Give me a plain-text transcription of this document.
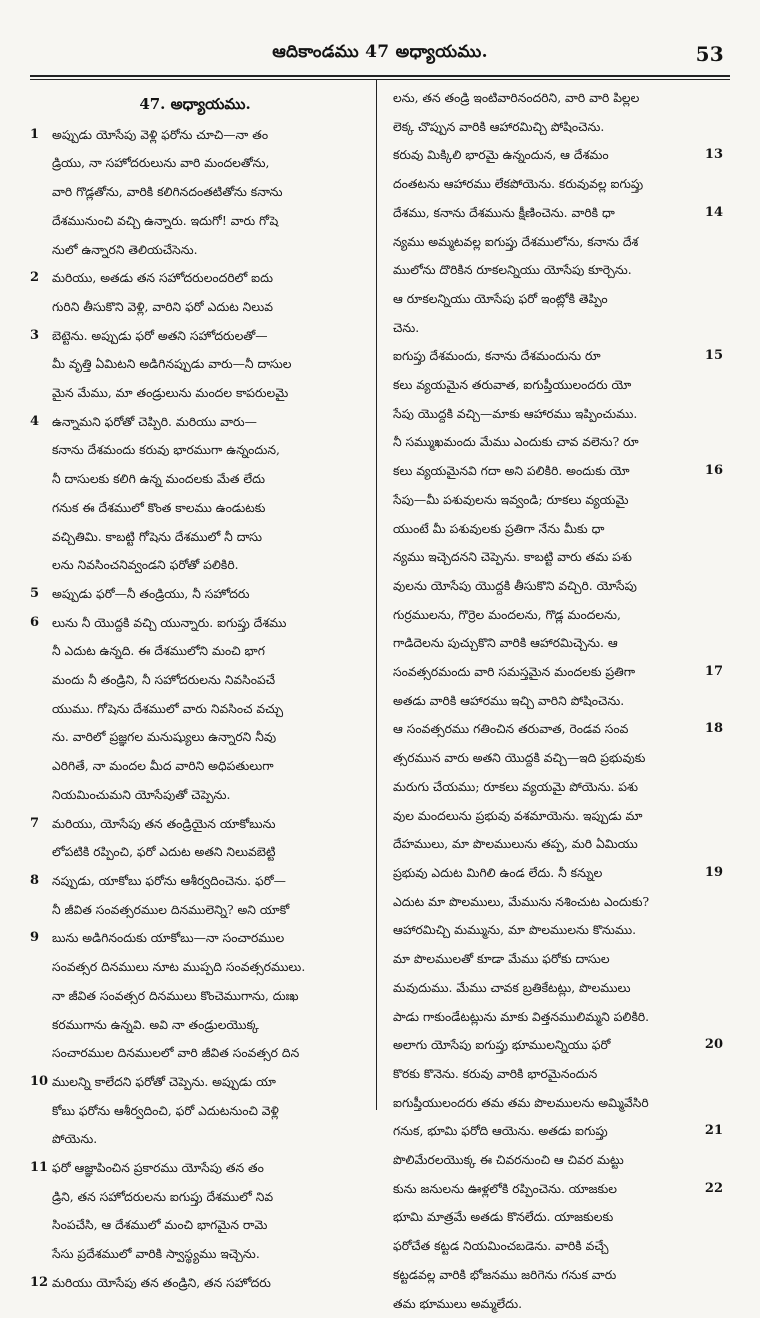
ఆదికాండము 47 అధ్యాయము.	53
47. అధ్యాయము.
1 అప్పుడు యోసేపు వెళ్లి ఫరోను చూచి—నా తం
డ్రియు, నా సహోదరులును వారి మందలతోను,
వారి గొడ్లతోను, వారికి కలిగినదంతటితోను కనాను
దేశమునుంచి వచ్చి ఉన్నారు. ఇదుగో! వారు గోషె
నులో ఉన్నారని తెలియచేసెను.
2 మరియు, అతడు తన సహోదరులందరిలో ఐదు
గురిని తీసుకొని వెళ్లి, వారిని ఫరో ఎదుట నిలువ
3 బెట్టెను. అప్పుడు ఫరో అతని సహోదరులతో—
మీ వృత్తి ఏమిటని అడిగినప్పుడు వారు—నీ దాసుల
మైన మేము, మా తండ్రులును మందల కాపరులమై
4 ఉన్నామని ఫరోతో చెప్పిరి. మరియు వారు—
కనాను దేశమందు కరువు భారముగా ఉన్నందున,
నీ దాసులకు కలిగి ఉన్న మందలకు మేత లేదు
గనుక ఈ దేశములో కొంత కాలము ఉండుటకు
వచ్చితిమి. కాబట్టి గోషెను దేశములో నీ దాసు
లను నివసించనివ్వండని ఫరోతో పలికిరి.
5 అప్పుడు ఫరో—నీ తండ్రియు, నీ సహోదరు
6 లును నీ యొద్దకి వచ్చి యున్నారు. ఐగుప్తు దేశము
నీ ఎదుట ఉన్నది. ఈ దేశములోని మంచి భాగ
మందు నీ తండ్రిని, నీ సహోదరులను నివసింపచే
యుము. గోషెను దేశములో వారు నివసించ వచ్చు
ను. వారిలో ప్రజ్ఞగల మనుష్యులు ఉన్నారని నీవు
ఎరిగితే, నా మందల మీద వారిని అధిపతులుగా
నియమించుమని యోసేపుతో చెప్పెను.
7 మరియు, యోసేపు తన తండ్రియైన యాకోబును
లోపటికి రప్పించి, ఫరో ఎదుట అతని నిలువబెట్టి
8 నప్పుడు, యాకోబు ఫరోను ఆశీర్వదించెను. ఫరో—
నీ జీవిత సంవత్సరముల దినములెన్ని? అని యాకో
9 బును అడిగినందుకు యాకోబు—నా సంచారముల
సంవత్సర దినములు నూట ముప్పది సంవత్సరములు.
నా జీవిత సంవత్సర దినములు కొంచెముగాను, దుఃఖ
కరముగాను ఉన్నవి. అవి నా తండ్రులయొక్క
సంచారముల దినములలో వారి జీవిత సంవత్సర దిన
10 ములన్ని కాలేదని ఫరోతో చెప్పెను. అప్పుడు యా
కోబు ఫరోను ఆశీర్వదించి, ఫరో ఎదుటనుంచి వెళ్లి
పోయెను.
11 ఫరో ఆజ్ఞాపించిన ప్రకారము యోసేపు తన తం
డ్రిని, తన సహోదరులను ఐగుప్తు దేశములో నివ
సింపచేసి, ఆ దేశములో మంచి భాగమైన రామె
సేసు ప్రదేశములో వారికి స్వాస్థ్యము ఇచ్చెను.
12 మరియు యోసేపు తన తండ్రిని, తన సహోదరు
లను, తన తండ్రి ఇంటివారినందరిని, వారి వారి పిల్లల
లెక్క చొప్పున వారికి ఆహారమిచ్చి పోషించెను.
13
కరువు మిక్కిలి భారమై ఉన్నందున, ఆ దేశమం
దంతటను ఆహారము లేకపోయెను. కరువువల్ల ఐగుప్తు
14
దేశము, కనాను దేశమును క్షీణించెను. వారికి ధా
న్యము అమ్మటవల్ల ఐగుప్తు దేశములోను, కనాను దేశ
ములోను దొరికిన రూకలన్నియు యోసేపు కూర్చెను.
ఆ రూకలన్నియు యోసేపు ఫరో ఇంట్లోకి తెప్పిం
చెను.
15
ఐగుప్తు దేశమందు, కనాను దేశమందును రూ
కలు వ్యయమైన తరువాత, ఐగుప్తీయులందరు యో
సేపు యొద్దకి వచ్చి—మాకు ఆహారము ఇప్పించుము.
నీ సమ్ముఖమందు మేము ఎందుకు చావ వలెను? రూ
16
కలు వ్యయమైనవి గదా అని పలికిరి. అందుకు యో
సేపు—మీ పశువులను ఇవ్వండి; రూకలు వ్యయమై
యుంటే మీ పశువులకు ప్రతిగా నేను మీకు ధా
న్యము ఇచ్చెదనని చెప్పెను. కాబట్టి వారు తమ పశు
వులను యోసేపు యొద్దకి తీసుకొని వచ్చిరి. యోసేపు
గుర్రములను, గొర్రెల మందలను, గొడ్ల మందలను,
గాడిదెలను పుచ్చుకొని వారికి ఆహారమిచ్చెను. ఆ
17
సంవత్సరమందు వారి సమస్తమైన మందలకు ప్రతిగా
అతడు వారికి ఆహారము ఇచ్చి వారిని పోషించెను.
18
ఆ సంవత్సరము గతించిన తరువాత, రెండవ సంవ
త్సరమున వారు అతని యొద్దకి వచ్చి—ఇది ప్రభువుకు
మరుగు చేయము; రూకలు వ్యయమై పోయెను. పశు
వుల మందలును ప్రభువు వశమాయెను. ఇప్పుడు మా
దేహములు, మా పొలములును తప్ప, మరి ఏమియు
19
ప్రభువు ఎదుట మిగిలి ఉండ లేదు. నీ కన్నుల
ఎదుట మా పొలములు, మేమును నశించుట ఎందుకు?
ఆహారమిచ్చి మమ్మును, మా పొలములను కొనుము.
మా పొలములతో కూడా మేము ఫరోకు దాసుల
మవుదుము. మేము చావక బ్రతికేటట్లు, పొలములు
పాడు గాకుండేటట్లును మాకు విత్తనములిమ్మని పలికిరి.
20
అలాగు యోసేపు ఐగుప్తు భూములన్నియు ఫరో
కొరకు కొనెను. కరువు వారికి భారమైనందున
ఐగుప్తీయులందరు తమ తమ పొలములను అమ్మివేసిరి
21
గనుక, భూమి ఫరోది ఆయెను. అతడు ఐగుప్తు
పొలిమేరలయొక్క ఈ చివరనుంచి ఆ చివర మట్టు
22
కును జనులను ఊళ్లలోకి రప్పించెను. యాజకుల
భూమి మాత్రమే అతడు కొనలేదు. యాజకులకు
ఫరోచేత కట్టడ నియమించబడెను. వారికి వచ్చే
కట్టడవల్ల వారికి భోజనము జరిగెను గనుక వారు
తమ భూములు అమ్మలేదు.
